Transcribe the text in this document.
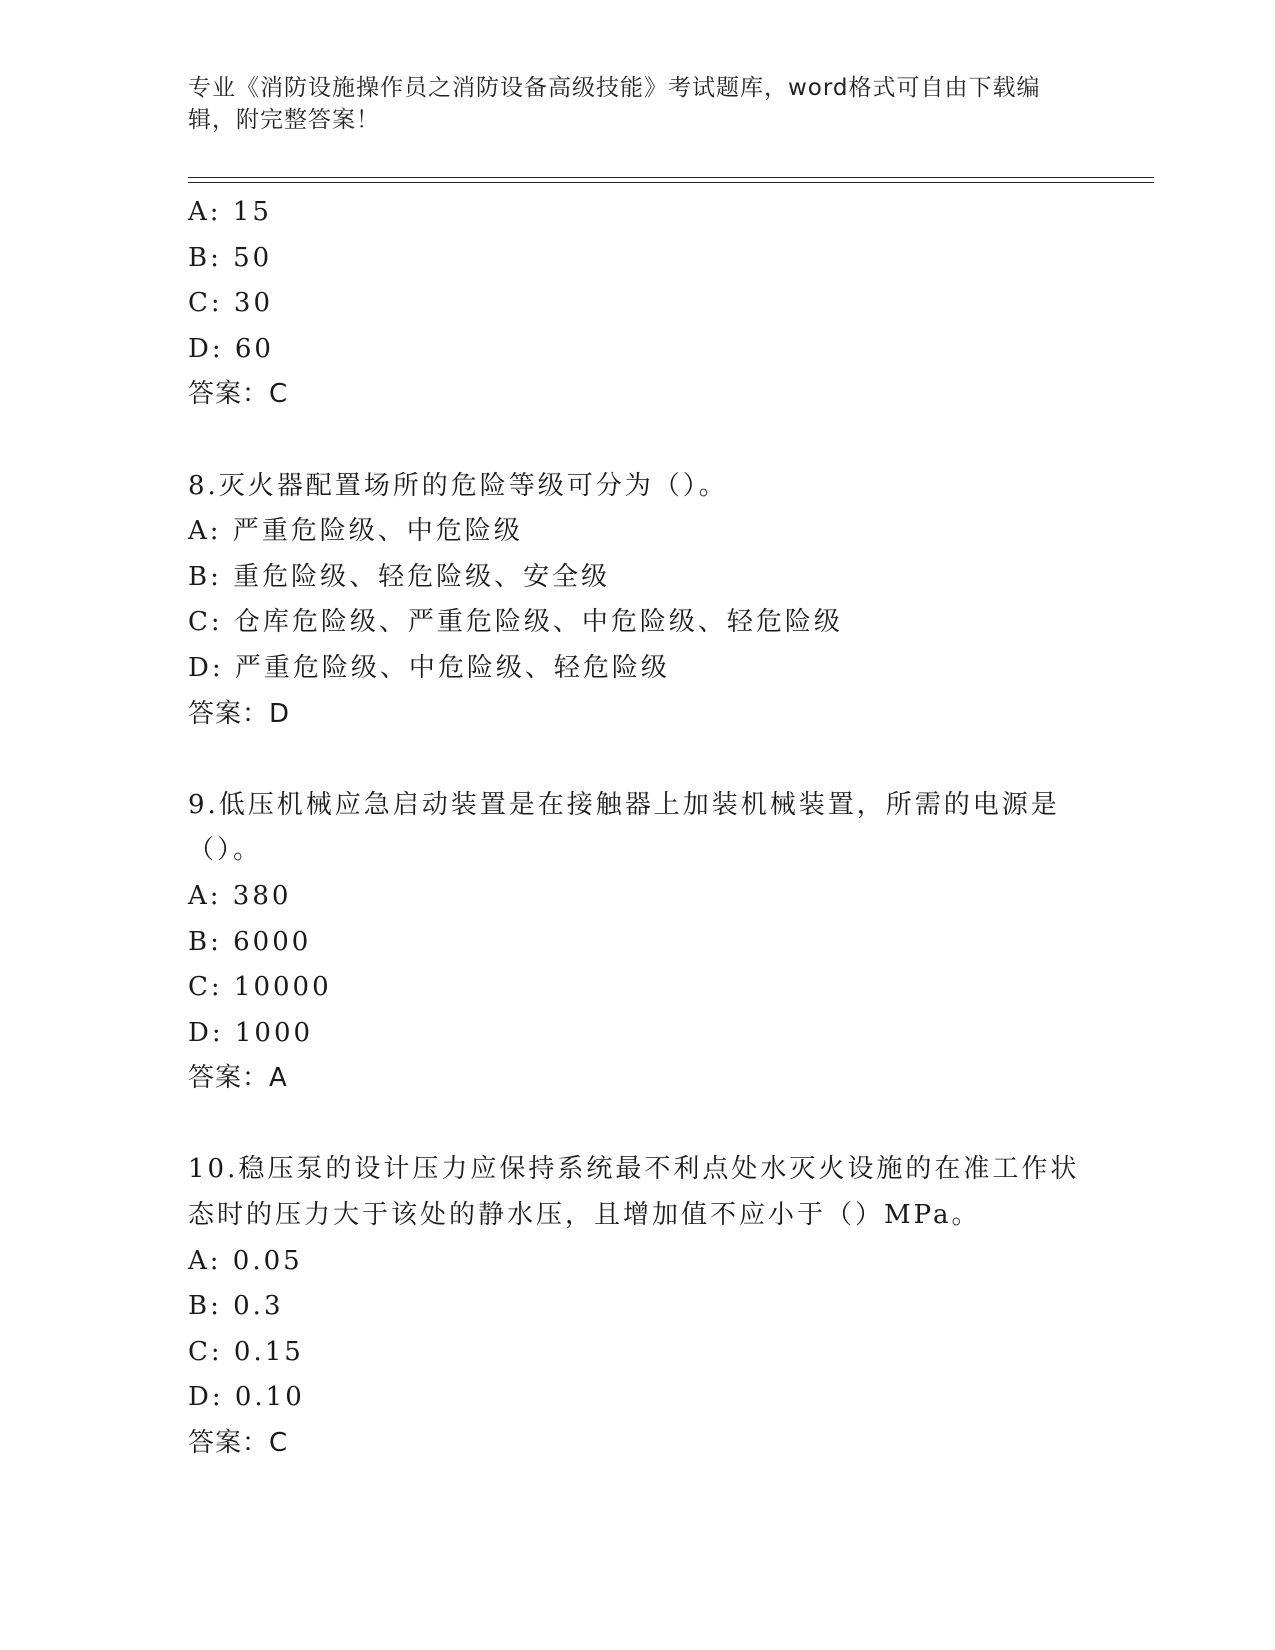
专业《消防设施操作员之消防设备高级技能》考试题库，word格式可自由下载编辑，附完整答案！
A: 15
B: 50
C: 30
D: 60
答案：C
8.灭火器配置场所的危险等级可分为（）。
A: 严重危险级、中危险级
B: 重危险级、轻危险级、安全级
C: 仓库危险级、严重危险级、中危险级、轻危险级
D: 严重危险级、中危险级、轻危险级
答案：D
9.低压机械应急启动装置是在接触器上加装机械装置，所需的电源是
（）。
A: 380
B: 6000
C: 10000
D: 1000
答案：A
10.稳压泵的设计压力应保持系统最不利点处水灭火设施的在准工作状
态时的压力大于该处的静水压，且增加值不应小于（）MPa。
A: 0.05
B: 0.3
C: 0.15
D: 0.10
答案：C
